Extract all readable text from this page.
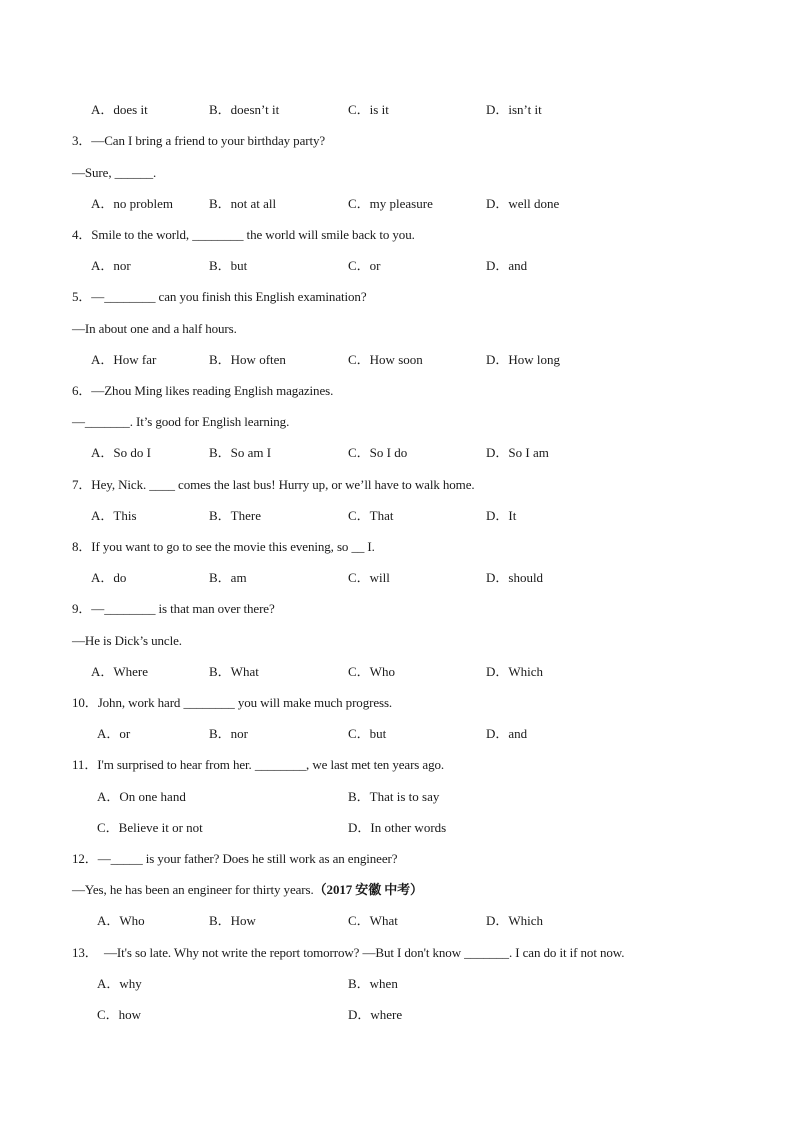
A．does it	B．doesn’t it	C．is it	D．isn’t it
3．—Can I bring a friend to your birthday party?
—Sure, ______.
A．no problem	B．not at all	C．my pleasure	D．well done
4．Smile to the world, ________ the world will smile back to you.
A．nor	B．but	C．or	D．and
5．—________ can you finish this English examination?
—In about one and a half hours.
A．How far	B．How often	C．How soon	D．How long
6．—Zhou Ming likes reading English magazines.
—_______. It’s good for English learning.
A．So do I	B．So am I	C．So I do	D．So I am
7．Hey, Nick. ____ comes the last bus! Hurry up, or we’ll have to walk home.
A．This	B．There	C．That	D．It
8．If you want to go to see the movie this evening, so __ I.
A．do	B．am	C．will	D．should
9．—________ is that man over there?
—He is Dick’s uncle.
A．Where	B．What	C．Who	D．Which
10．John, work hard ________ you will make much progress.
A．or	B．nor	C．but	D．and
11．I'm surprised to hear from her. ________, we last met ten years ago.
A．On one hand	B．That is to say
C．Believe it or not	D．In other words
12．—_____ is your father? Does he still work as an engineer?
—Yes, he has been an engineer for thirty years.（2017 安徽 中考）
A．Who	B．How	C．What	D．Which
13．  —It's so late. Why not write the report tomorrow? —But I don't know _______. I can do it if not now.
A．why	B．when
C．how	D．where
